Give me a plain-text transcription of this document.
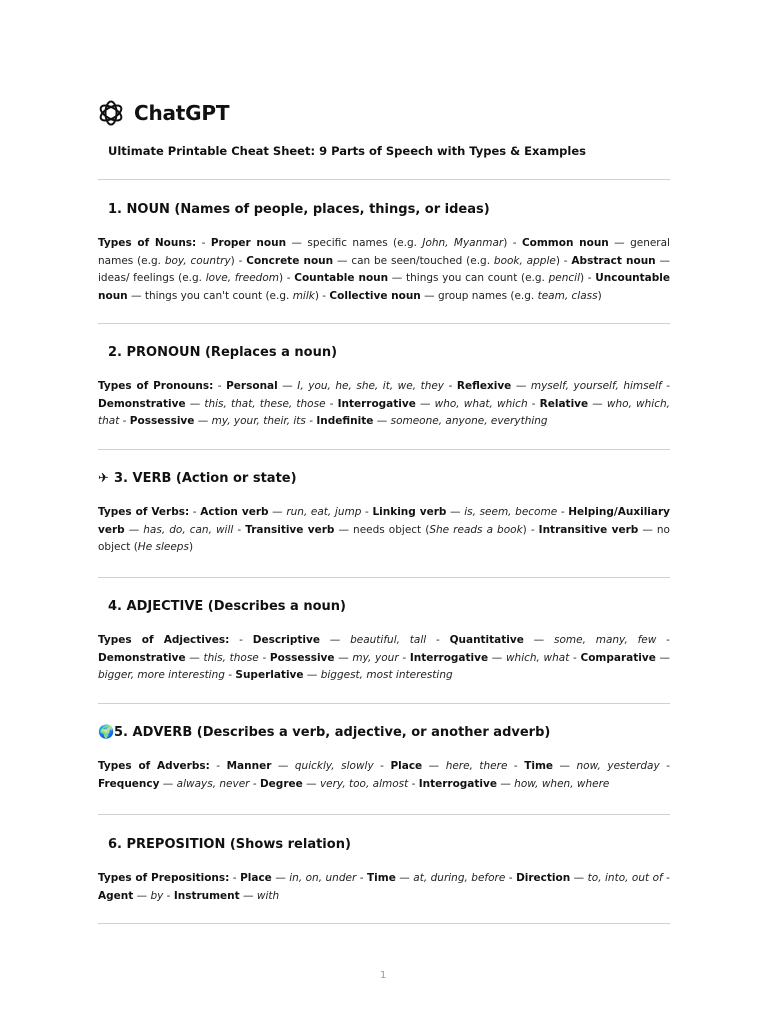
ChatGPT
Ultimate Printable Cheat Sheet: 9 Parts of Speech with Types & Examples
1. NOUN (Names of people, places, things, or ideas)

Types of Nouns: - Proper noun — specific names (e.g. John, Myanmar) - Common noun — general names (e.g. boy, country) - Concrete noun — can be seen/touched (e.g. book, apple) - Abstract noun — ideas/ feelings (e.g. love, freedom) - Countable noun — things you can count (e.g. pencil) - Uncountable noun — things you can't count (e.g. milk) - Collective noun — group names (e.g. team, class)

2. PRONOUN (Replaces a noun)

Types of Pronouns: - Personal — I, you, he, she, it, we, they - Reflexive — myself, yourself, himself - Demonstrative — this, that, these, those - Interrogative — who, what, which - Relative — who, which, that - Possessive — my, your, their, its - Indefinite — someone, anyone, everything

✈ 3. VERB (Action or state)

Types of Verbs: - Action verb — run, eat, jump - Linking verb — is, seem, become - Helping/Auxiliary verb — has, do, can, will - Transitive verb — needs object (She reads a book) - Intransitive verb — no object (He sleeps)

4. ADJECTIVE (Describes a noun)

Types of Adjectives: - Descriptive — beautiful, tall - Quantitative — some, many, few - Demonstrative — this, those - Possessive — my, your - Interrogative — which, what - Comparative — bigger, more interesting - Superlative — biggest, most interesting

🌍5. ADVERB (Describes a verb, adjective, or another adverb)

Types of Adverbs: - Manner — quickly, slowly - Place — here, there - Time — now, yesterday - Frequency — always, never - Degree — very, too, almost - Interrogative — how, when, where

6. PREPOSITION (Shows relation)

Types of Prepositions: - Place — in, on, under - Time — at, during, before - Direction — to, into, out of - Agent — by - Instrument — with

1
